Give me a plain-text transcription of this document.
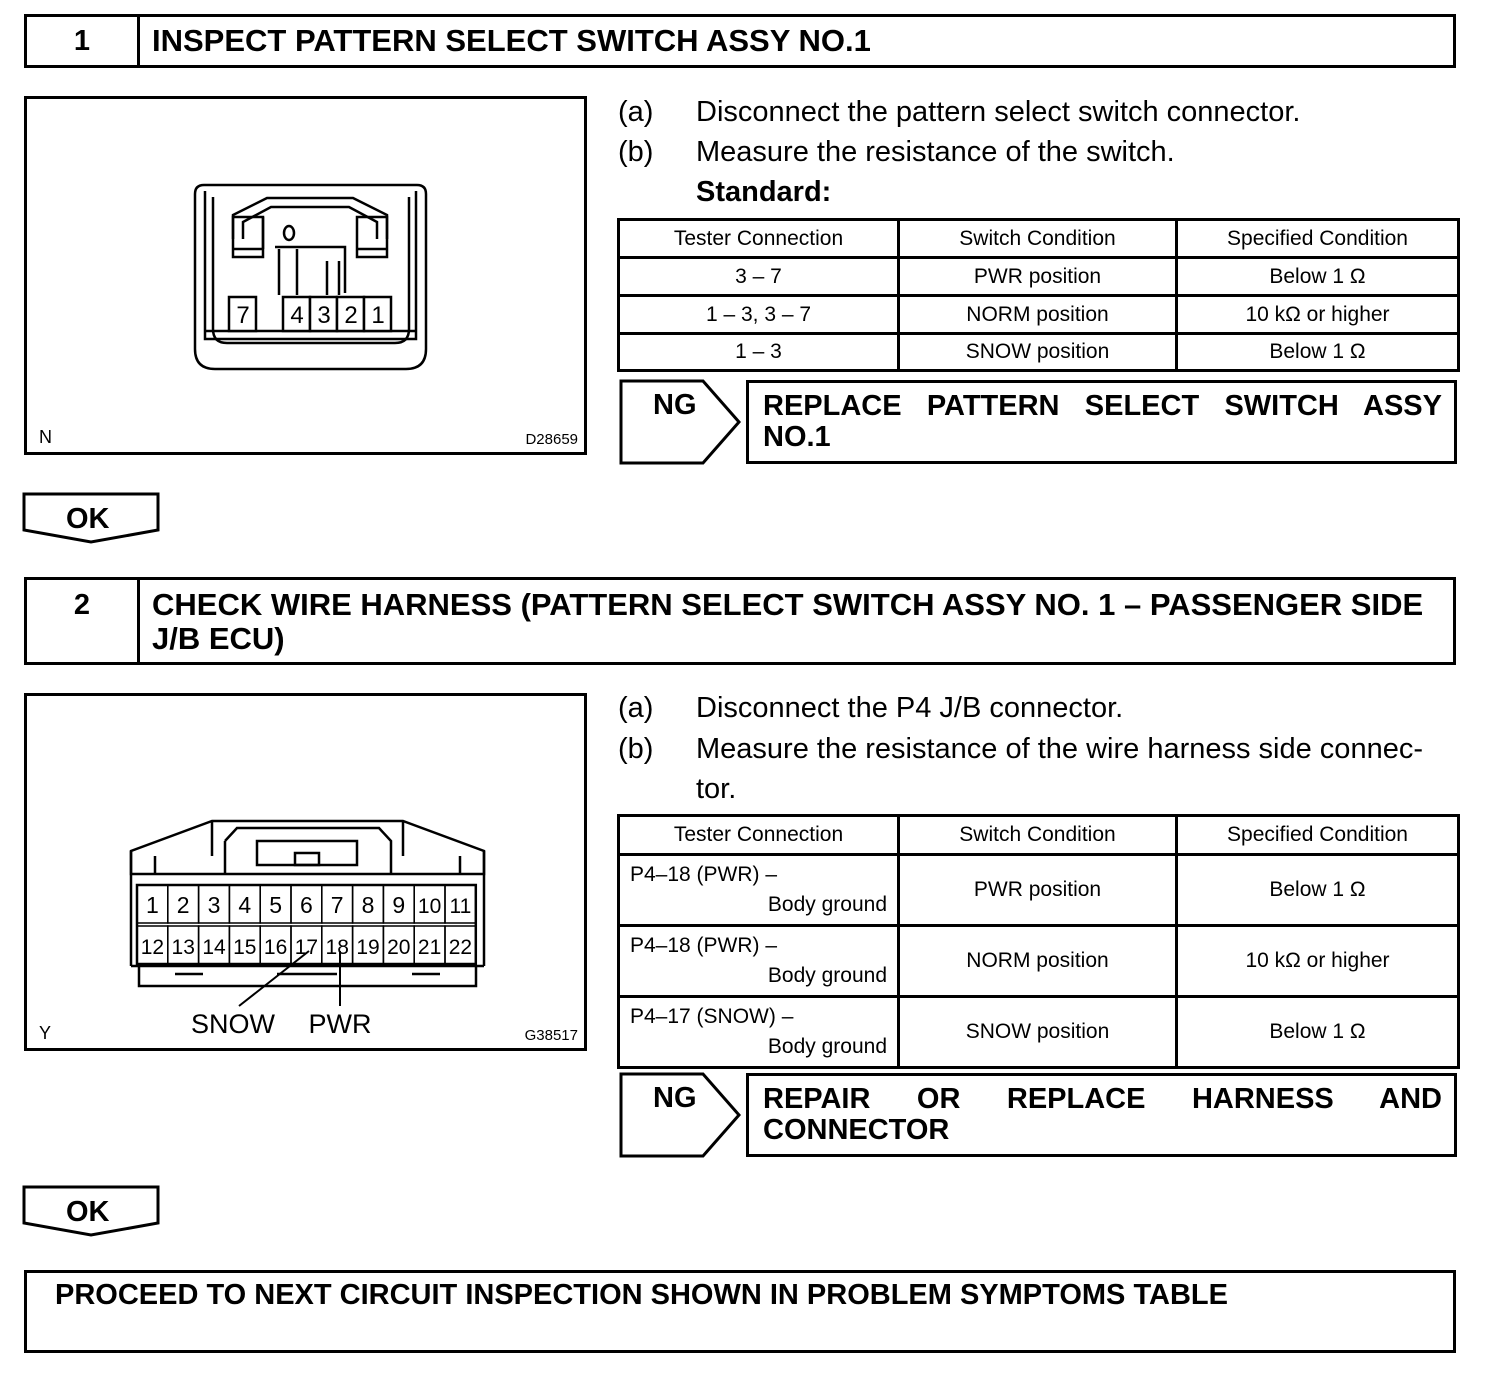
1	INSPECT PATTERN SELECT SWITCH ASSY NO.1
7 4 3 2 1
N	D28659
(a)	Disconnect the pattern select switch connector.
(b)	Measure the resistance of the switch.
Standard:
Tester Connection	Switch Condition	Specified Condition
3 – 7	PWR position	Below 1 Ω
1 – 3, 3 – 7	NORM position	10 kΩ or higher
1 – 3	SNOW position	Below 1 Ω
NG	REPLACE PATTERN SELECT SWITCH ASSY NO.1
OK
2	CHECK WIRE HARNESS (PATTERN SELECT SWITCH ASSY NO. 1 – PASSENGER SIDE J/B ECU)
1 2 3 4 5 6 7 8 9 10 11
12 13 14 15 16 17 18 19 20 21 22
SNOW PWR
Y	G38517
(a)	Disconnect the P4 J/B connector.
(b)	Measure the resistance of the wire harness side connec-
tor.
Tester Connection	Switch Condition	Specified Condition
P4–18 (PWR) –
Body ground	PWR position	Below 1 Ω
P4–18 (PWR) –
Body ground	NORM position	10 kΩ or higher
P4–17 (SNOW) –
Body ground	SNOW position	Below 1 Ω
NG	REPAIR OR REPLACE HARNESS AND CONNECTOR
OK
PROCEED TO NEXT CIRCUIT INSPECTION SHOWN IN PROBLEM SYMPTOMS TABLE
